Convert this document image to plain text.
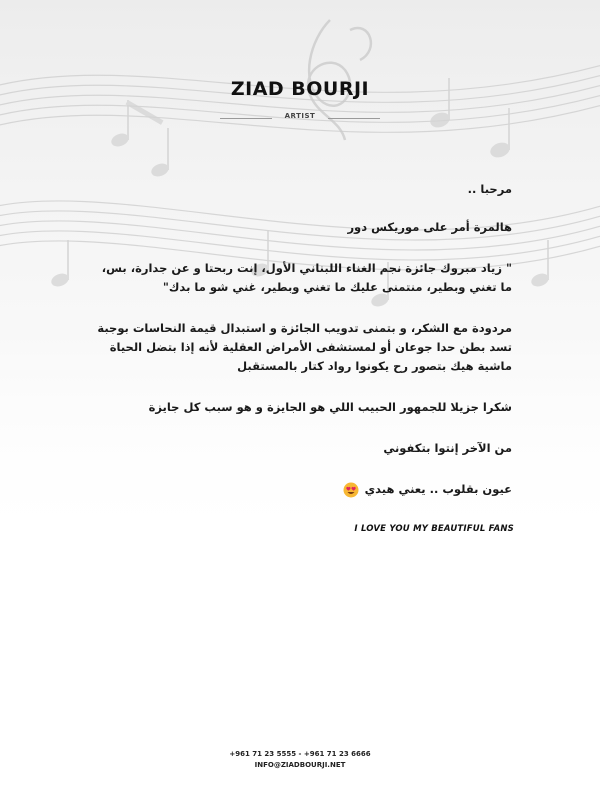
ZIAD BOURJI
ARTIST

مرحبا ..

هالمرة أمر على موريكس دور

" زياد مبروك جائزة نجم الغناء اللبناني الأول، إنت ربحتا و عن جدارة، بس، ما تغني وبطير، منتمنى عليك ما تغني وبطير، غني شو ما بدك"

مردودة مع الشكر، و بتمنى تدويب الجائزة و استبدال قيمة النحاسات بوجبة تسد بطن حدا جوعان أو لمستشفى الأمراض العقلية لأنه إذا بتضل الحياة ماشية هيك بتصور رح يكونوا رواد كتار بالمستقبل

شكرا جزيلا للجمهور الحبيب اللي هو الجايزة و هو سبب كل جايزة

من الآخر إنتوا بتكفوني

عيون بقلوب .. يعني هيدي

I LOVE YOU MY BEAUTIFUL FANS
+961 71 23 5555 - +961 71 23 6666
INFO@ZIADBOURJI.NET
